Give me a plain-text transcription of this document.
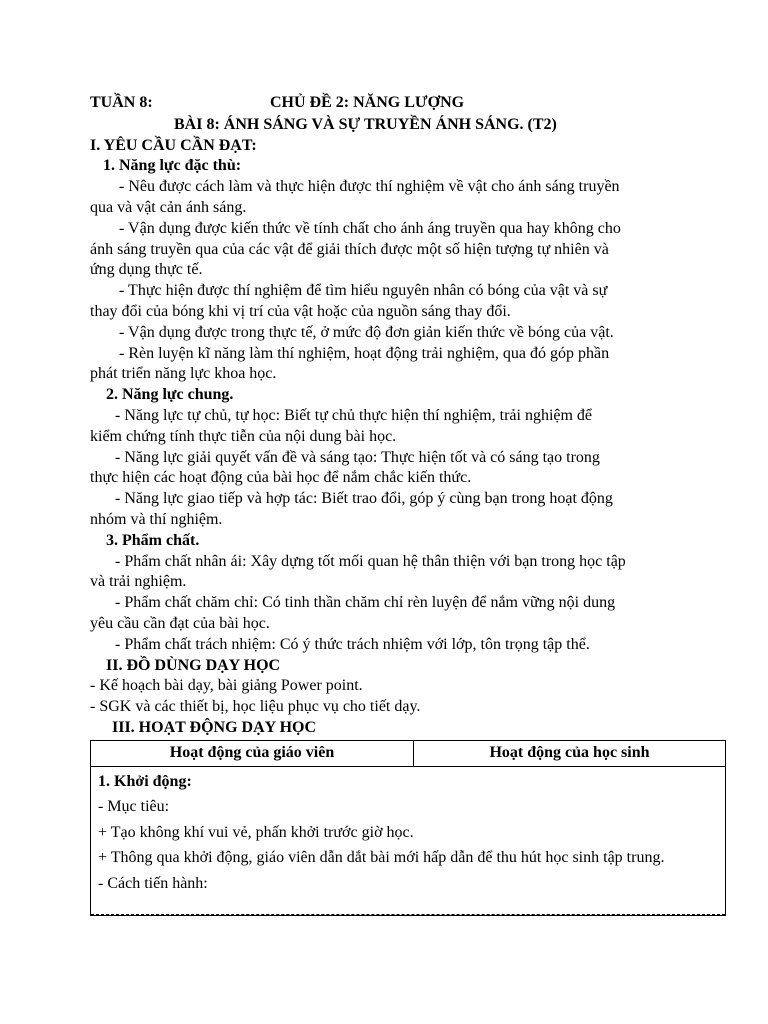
TUẦN 8:	CHỦ ĐỀ 2: NĂNG LƯỢNG
BÀI 8: ÁNH SÁNG VÀ SỰ TRUYỀN ÁNH SÁNG. (T2)
I. YÊU CẦU CẦN ĐẠT:
1. Năng lực đặc thù:
- Nêu được cách làm và thực hiện được thí nghiệm về vật cho ánh sáng truyền
qua và vật cản ánh sáng.
- Vận dụng được kiến thức về tính chất cho ánh áng truyền qua hay không cho
ánh sáng truyền qua của các vật để giải thích được một số hiện tượng tự nhiên và
ứng dụng thực tế.
- Thực hiện được thí nghiệm để tìm hiểu nguyên nhân có bóng của vật và sự
thay đổi của bóng khi vị trí của vật hoặc của nguồn sáng thay đổi.
- Vận dụng được trong thực tế, ở mức độ đơn giản kiến thức về bóng của vật.
- Rèn luyện kĩ năng làm thí nghiệm, hoạt động trải nghiệm, qua đó góp phần
phát triển năng lực khoa học.
2. Năng lực chung.
- Năng lực tự chủ, tự học: Biết tự chủ thực hiện thí nghiệm, trải nghiệm để
kiểm chứng tính thực tiễn của nội dung bài học.
- Năng lực giải quyết vấn đề và sáng tạo: Thực hiện tốt và có sáng tạo trong
thực hiện các hoạt động của bài học để nắm chắc kiến thức.
- Năng lực giao tiếp và hợp tác: Biết trao đổi, góp ý cùng bạn trong hoạt động
nhóm và thí nghiệm.
3. Phẩm chất.
- Phẩm chất nhân ái: Xây dựng tốt mối quan hệ thân thiện với bạn trong học tập
và trải nghiệm.
- Phẩm chất chăm chỉ: Có tinh thần chăm chỉ rèn luyện để nắm vững nội dung
yêu cầu cần đạt của bài học.
- Phẩm chất trách nhiệm: Có ý thức trách nhiệm với lớp, tôn trọng tập thể.
II. ĐỒ DÙNG DẠY HỌC
- Kế hoạch bài dạy, bài giảng Power point.
- SGK và các thiết bị, học liệu phục vụ cho tiết dạy.
III. HOẠT ĐỘNG DẠY HỌC
Hoạt động của giáo viên	Hoạt động của học sinh

1. Khởi động:
- Mục tiêu:
+ Tạo không khí vui vẻ, phấn khởi trước giờ học.
+ Thông qua khởi động, giáo viên dẫn dắt bài mới hấp dẫn để thu hút học sinh tập trung.
- Cách tiến hành:
